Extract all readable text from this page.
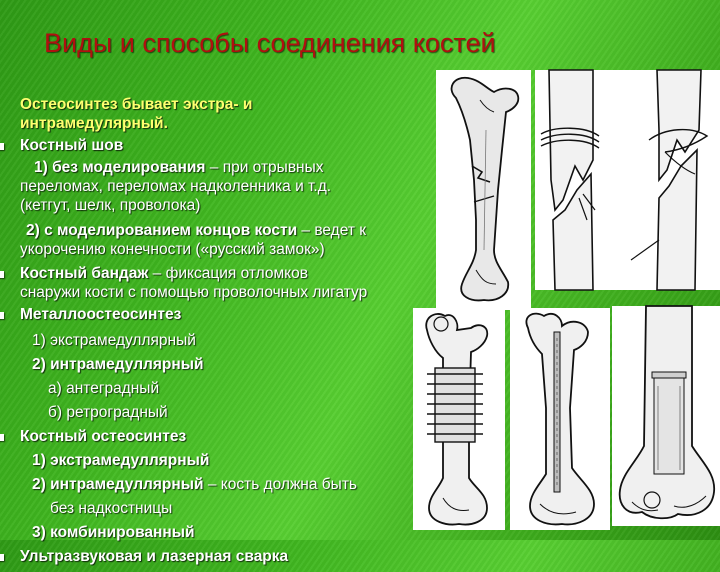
Виды и способы соединения костей
Остеосинтез бывает экстра- и
интрамедулярный.
Костный шов
1) без моделирования – при отрывных
переломах, переломах надколенника и т.д.
(кетгут, шелк, проволока)
2) с моделированием концов кости – ведет к
укорочению конечности («русский замок»)
Костный бандаж – фиксация отломков
снаружи кости с помощью проволочных лигатур
Металлоостеосинтез
1) экстрамедуллярный
2) интрамедуллярный
а) антеградный
б) ретроградный
Костный остеосинтез
1) экстрамедуллярный
2) интрамедуллярный – кость должна быть
без надкостницы
3) комбинированный
Ультразвуковая и лазерная сварка
